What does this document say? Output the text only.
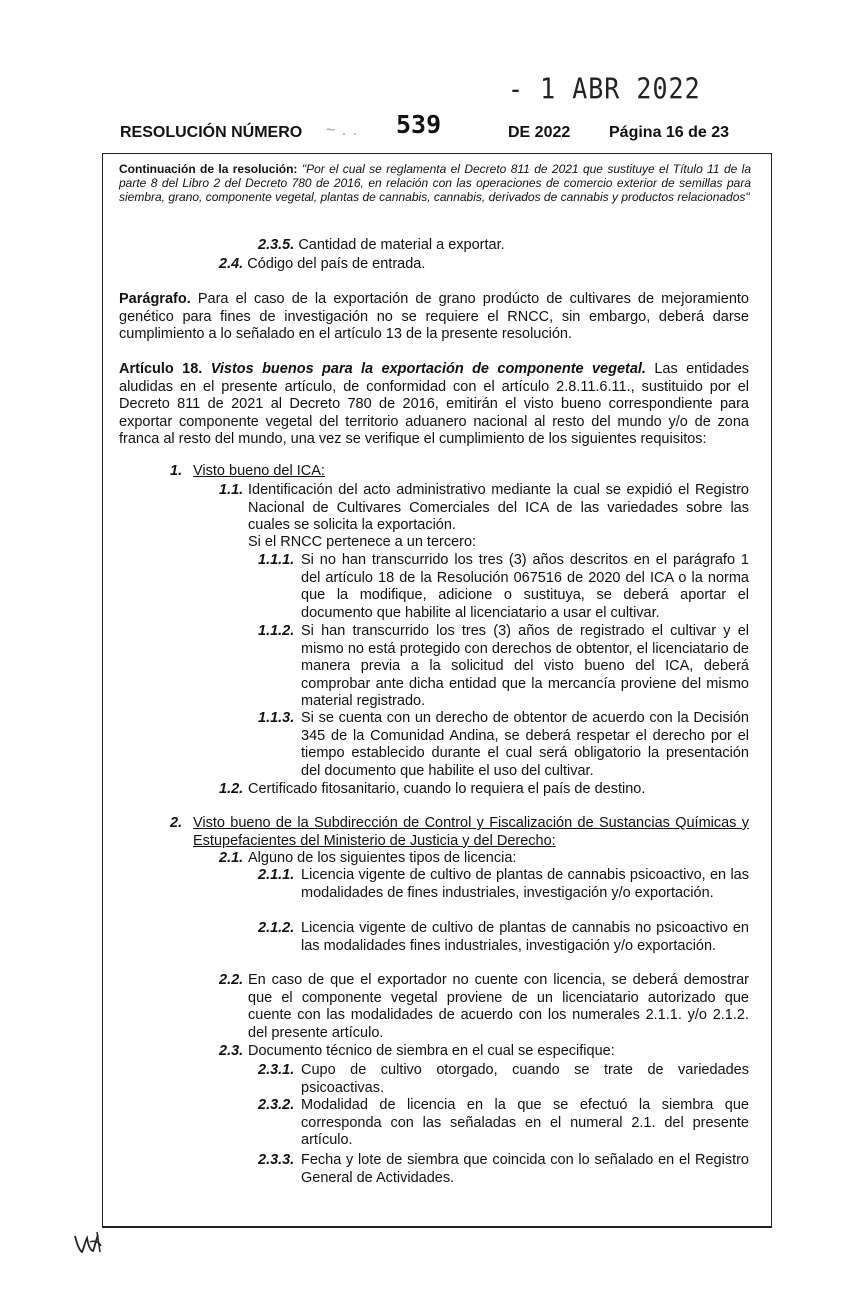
- 1 ABR 2022
RESOLUCIÓN NÚMERO ~ . . 539	DE 2022 Página 16 de 23
Continuación de la resolución: "Por el cual se reglamenta el Decreto 811 de 2021 que sustituye el Título 11 de la parte 8 del Libro 2 del Decreto 780 de 2016, en relación con las operaciones de comercio exterior de semillas para siembra, grano, componente vegetal, plantas de cannabis, cannabis, derivados de cannabis y productos relacionados"
2.3.5. Cantidad de material a exportar.
2.4. Código del país de entrada.
Parágrafo. Para el caso de la exportación de grano prodúcto de cultivares de mejoramiento genético para fines de investigación no se requiere el RNCC, sin embargo, deberá darse cumplimiento a lo señalado en el artículo 13 de la presente resolución.
Artículo 18. Vistos buenos para la exportación de componente vegetal. Las entidades aludidas en el presente artículo, de conformidad con el artículo 2.8.11.6.11., sustituido por el Decreto 811 de 2021 al Decreto 780 de 2016, emitirán el visto bueno correspondiente para exportar componente vegetal del territorio aduanero nacional al resto del mundo y/o de zona franca al resto del mundo, una vez se verifique el cumplimiento de los siguientes requisitos:
1. Visto bueno del ICA:
1.1. Identificación del acto administrativo mediante la cual se expidió el Registro Nacional de Cultivares Comerciales del ICA de las variedades sobre las cuales se solicita la exportación.
Si el RNCC pertenece a un tercero:
1.1.1. Si no han transcurrido los tres (3) años descritos en el parágrafo 1 del artículo 18 de la Resolución 067516 de 2020 del ICA o la norma que la modifique, adicione o sustituya, se deberá aportar el documento que habilite al licenciatario a usar el cultivar.
1.1.2. Si han transcurrido los tres (3) años de registrado el cultivar y el mismo no está protegido con derechos de obtentor, el licenciatario de manera previa a la solicitud del visto bueno del ICA, deberá comprobar ante dicha entidad que la mercancía proviene del mismo material registrado.
1.1.3. Si se cuenta con un derecho de obtentor de acuerdo con la Decisión 345 de la Comunidad Andina, se deberá respetar el derecho por el tiempo establecido durante el cual será obligatorio la presentación del documento que habilite el uso del cultivar.
1.2. Certificado fitosanitario, cuando lo requiera el país de destino.
2. Visto bueno de la Subdirección de Control y Fiscalización de Sustancias Químicas y Estupefacientes del Ministerio de Justicia y del Derecho:
2.1. Alguno de los siguientes tipos de licencia:
2.1.1. Licencia vigente de cultivo de plantas de cannabis psicoactivo, en las modalidades de fines industriales, investigación y/o exportación.
2.1.2. Licencia vigente de cultivo de plantas de cannabis no psicoactivo en las modalidades fines industriales, investigación y/o exportación.
2.2. En caso de que el exportador no cuente con licencia, se deberá demostrar que el componente vegetal proviene de un licenciatario autorizado que cuente con las modalidades de acuerdo con los numerales 2.1.1. y/o 2.1.2. del presente artículo.
2.3. Documento técnico de siembra en el cual se especifique:
2.3.1. Cupo de cultivo otorgado, cuando se trate de variedades psicoactivas.
2.3.2. Modalidad de licencia en la que se efectuó la siembra que corresponda con las señaladas en el numeral 2.1. del presente artículo.
2.3.3. Fecha y lote de siembra que coincida con lo señalado en el Registro General de Actividades.
